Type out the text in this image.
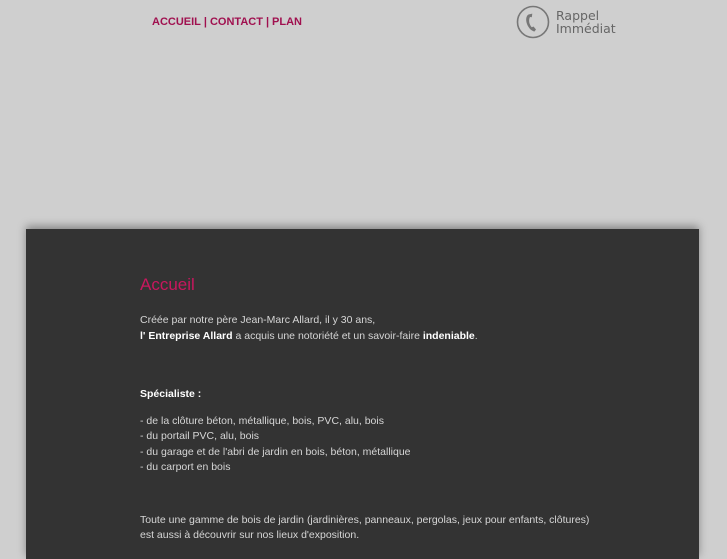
ACCUEIL | CONTACT | PLAN	Rappel
Immédiat
Accueil

Créée par notre père Jean-Marc Allard, il y 30 ans,

l' Entreprise Allard a acquis une notoriété et un savoir-faire indeniable.

Spécialiste :
- de la clôture béton, métallique, bois, PVC, alu, bois
- du portail PVC, alu, bois
- du garage et de l'abri de jardin en bois, béton, métallique
- du carport en bois
Toute une gamme de bois de jardin (jardinières, panneaux, pergolas, jeux pour enfants, clôtures) est aussi à découvrir sur nos lieux d'exposition.
